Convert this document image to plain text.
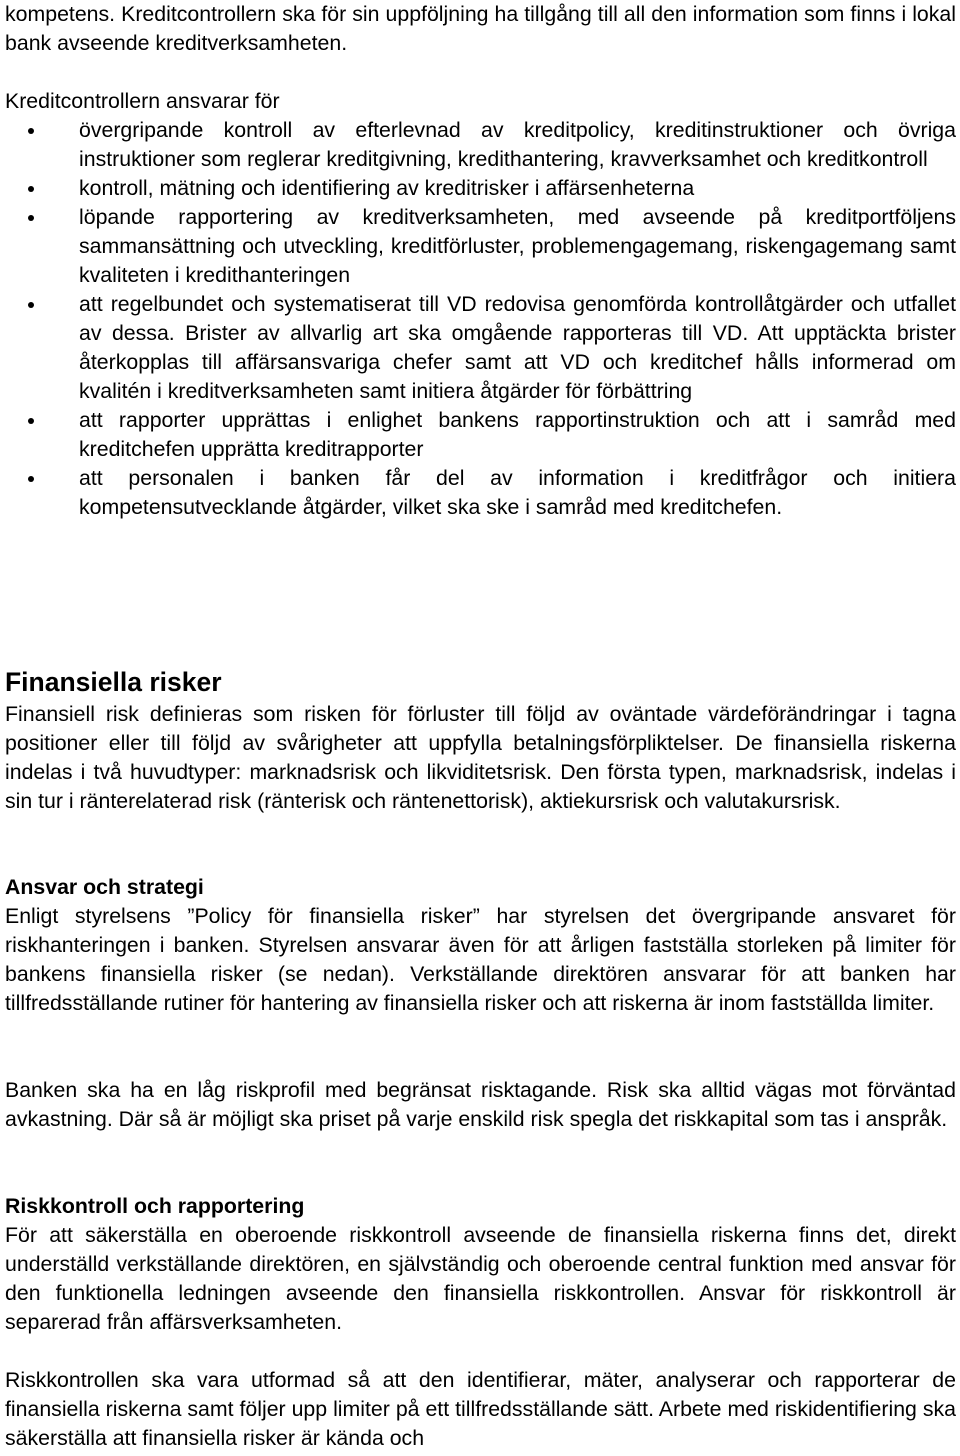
kompetens. Kreditcontrollern ska för sin uppföljning ha tillgång till all den information som finns i lokal bank avseende kreditverksamheten.

Kreditcontrollern ansvarar för

övergripande kontroll av efterlevnad av kreditpolicy, kreditinstruktioner och övriga instruktioner som reglerar kreditgivning, kredithantering, kravverksamhet och kreditkontroll
kontroll, mätning och identifiering av kreditrisker i affärsenheterna
löpande rapportering av kreditverksamheten, med avseende på kreditportföljens sammansättning och utveckling, kreditförluster, problemengagemang, riskengagemang samt kvaliteten i kredithanteringen
att regelbundet och systematiserat till VD redovisa genomförda kontrollåtgärder och utfallet av dessa. Brister av allvarlig art ska omgående rapporteras till VD. Att upptäckta brister återkopplas till affärsansvariga chefer samt att VD och kreditchef hålls informerad om kvalitén i kreditverksamheten samt initiera åtgärder för förbättring
att rapporter upprättas i enlighet bankens rapportinstruktion och att i samråd med kreditchefen upprätta kreditrapporter
att personalen i banken får del av information i kreditfrågor och initiera kompetensutvecklande åtgärder, vilket ska ske i samråd med kreditchefen.
Finansiella risker

Finansiell risk definieras som risken för förluster till följd av oväntade värdeförändringar i tagna positioner eller till följd av svårigheter att uppfylla betalningsförpliktelser. De finansiella riskerna indelas i två huvudtyper: marknadsrisk och likviditetsrisk. Den första typen, marknadsrisk, indelas i sin tur i ränterelaterad risk (ränterisk och räntenettorisk), aktiekursrisk och valutakursrisk.

Ansvar och strategi

Enligt styrelsens ”Policy för finansiella risker” har styrelsen det övergripande ansvaret för riskhanteringen i banken. Styrelsen ansvarar även för att årligen fastställa storleken på limiter för bankens finansiella risker (se nedan). Verkställande direktören ansvarar för att banken har tillfredsställande rutiner för hantering av finansiella risker och att riskerna är inom fastställda limiter.

Banken ska ha en låg riskprofil med begränsat risktagande. Risk ska alltid vägas mot förväntad avkastning. Där så är möjligt ska priset på varje enskild risk spegla det riskkapital som tas i anspråk.

Riskkontroll och rapportering

För att säkerställa en oberoende riskkontroll avseende de finansiella riskerna finns det, direkt underställd verkställande direktören, en självständig och oberoende central funktion med ansvar för den funktionella ledningen avseende den finansiella riskkontrollen. Ansvar för riskkontroll är separerad från affärsverksamheten.

Riskkontrollen ska vara utformad så att den identifierar, mäter, analyserar och rapporterar de finansiella riskerna samt följer upp limiter på ett tillfredsställande sätt. Arbete med riskidentifiering ska säkerställa att finansiella risker är kända och
